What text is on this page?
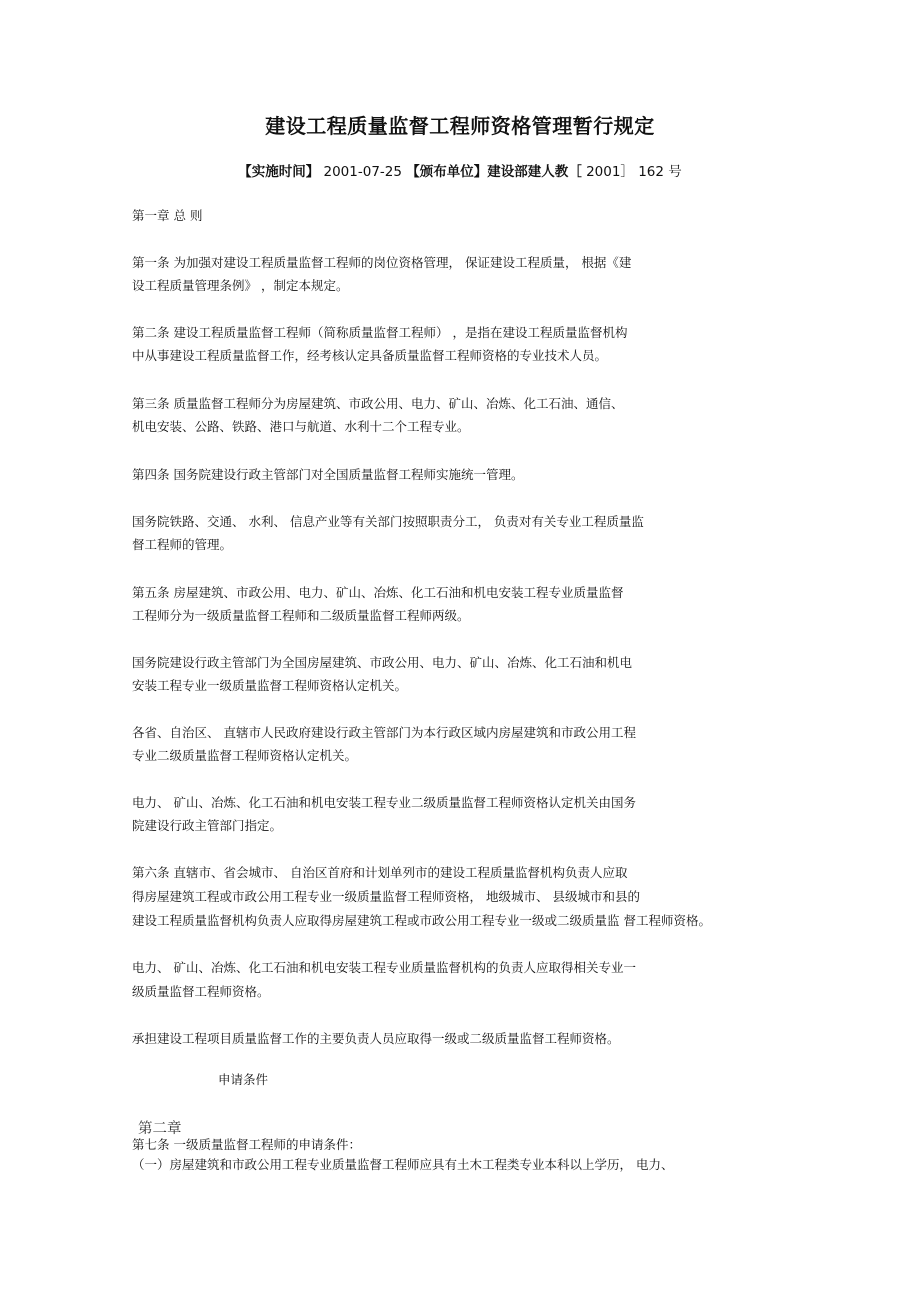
建设工程质量监督工程师资格管理暂行规定
【实施时间】 2001-07-25 【颁布单位】建设部建人教［ 2001］ 162 号
第一章 总 则
第一条 为加强对建设工程质量监督工程师的岗位资格管理， 保证建设工程质量， 根据《建
设工程质量管理条例》 ，制定本规定。
第二条 建设工程质量监督工程师（简称质量监督工程师） ，是指在建设工程质量监督机构
中从事建设工程质量监督工作，经考核认定具备质量监督工程师资格的专业技术人员。
第三条 质量监督工程师分为房屋建筑、市政公用、电力、矿山、冶炼、化工石油、通信、
机电安装、公路、铁路、港口与航道、水利十二个工程专业。
第四条 国务院建设行政主管部门对全国质量监督工程师实施统一管理。
国务院铁路、交通、 水利、 信息产业等有关部门按照职责分工， 负责对有关专业工程质量监
督工程师的管理。
第五条 房屋建筑、市政公用、电力、矿山、冶炼、化工石油和机电安装工程专业质量监督
工程师分为一级质量监督工程师和二级质量监督工程师两级。
国务院建设行政主管部门为全国房屋建筑、市政公用、电力、矿山、冶炼、化工石油和机电
安装工程专业一级质量监督工程师资格认定机关。
各省、自治区、 直辖市人民政府建设行政主管部门为本行政区域内房屋建筑和市政公用工程
专业二级质量监督工程师资格认定机关。
电力、 矿山、冶炼、化工石油和机电安装工程专业二级质量监督工程师资格认定机关由国务
院建设行政主管部门指定。
第六条 直辖市、省会城市、 自治区首府和计划单列市的建设工程质量监督机构负责人应取
得房屋建筑工程或市政公用工程专业一级质量监督工程师资格， 地级城市、 县级城市和县的
建设工程质量监督机构负责人应取得房屋建筑工程或市政公用工程专业一级或二级质量监 督工程师资格。
电力、 矿山、冶炼、化工石油和机电安装工程专业质量监督机构的负责人应取得相关专业一
级质量监督工程师资格。
承担建设工程项目质量监督工作的主要负责人员应取得一级或二级质量监督工程师资格。
申请条件
第二章
第七条 一级质量监督工程师的申请条件：
（一）房屋建筑和市政公用工程专业质量监督工程师应具有土木工程类专业本科以上学历， 电力、
